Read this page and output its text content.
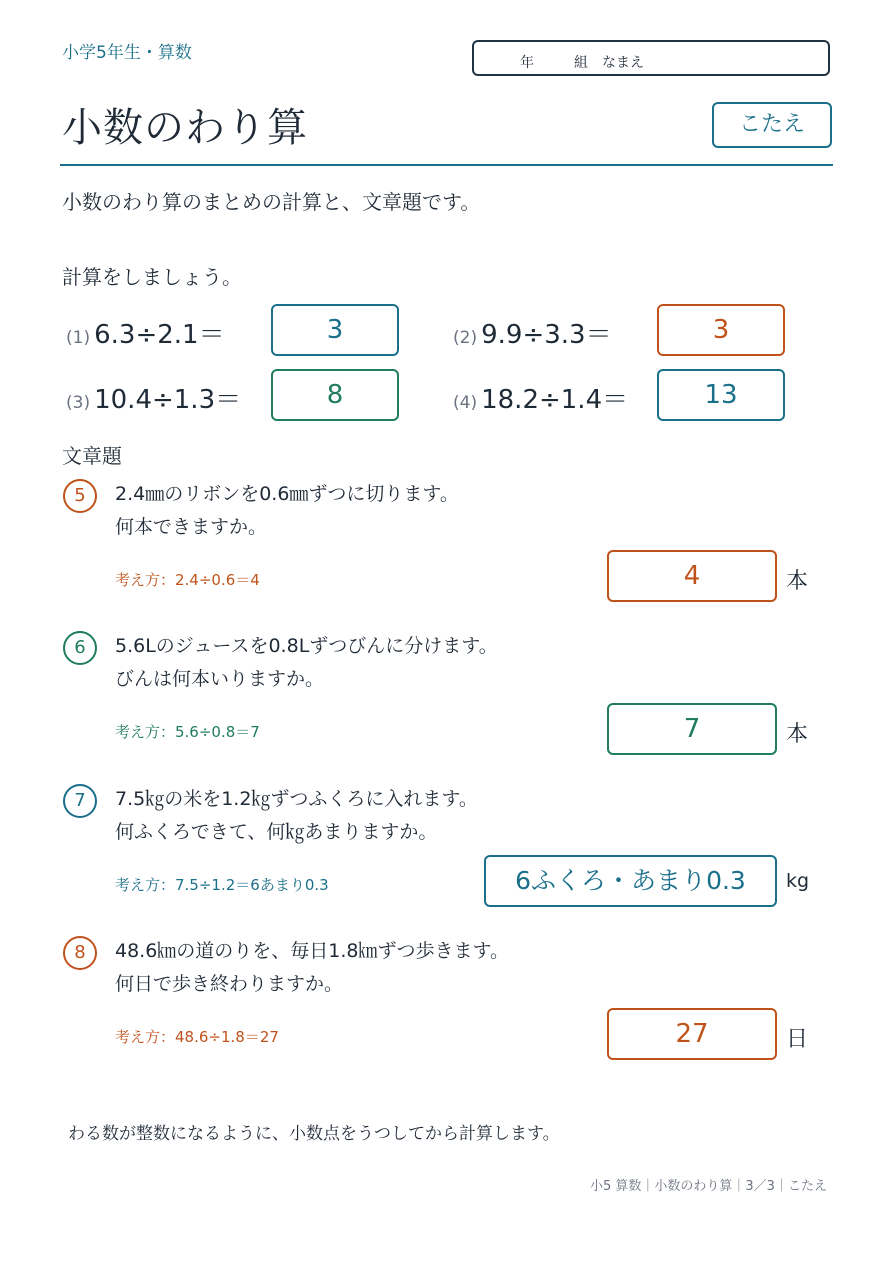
小学5年生・算数	年	組 なまえ
小数のわり算	こたえ
小数のわり算のまとめの計算と、文章題です。
計算をしましょう。
(1) 6.3÷2.1＝	3	(2) 9.9÷3.3＝	3
(3) 10.4÷1.3＝	8	(4) 18.2÷1.4＝	13
文章題
5	2.4㎜のリボンを0.6㎜ずつに切ります。
何本できますか。
考え方：2.4÷0.6＝4	4	本
6	5.6Lのジュースを0.8Lずつびんに分けます。
びんは何本いりますか。
考え方：5.6÷0.8＝7	7	本
7	7.5㎏の米を1.2㎏ずつふくろに入れます。
何ふくろできて、何㎏あまりますか。
考え方：7.5÷1.2＝6あまり0.3	6ふくろ・あまり0.3	kg
8	48.6㎞の道のりを、毎日1.8㎞ずつ歩きます。
何日で歩き終わりますか。
考え方：48.6÷1.8＝27	27	日
わる数が整数になるように、小数点をうつしてから計算します。
小5 算数｜小数のわり算｜3／3｜こたえ
